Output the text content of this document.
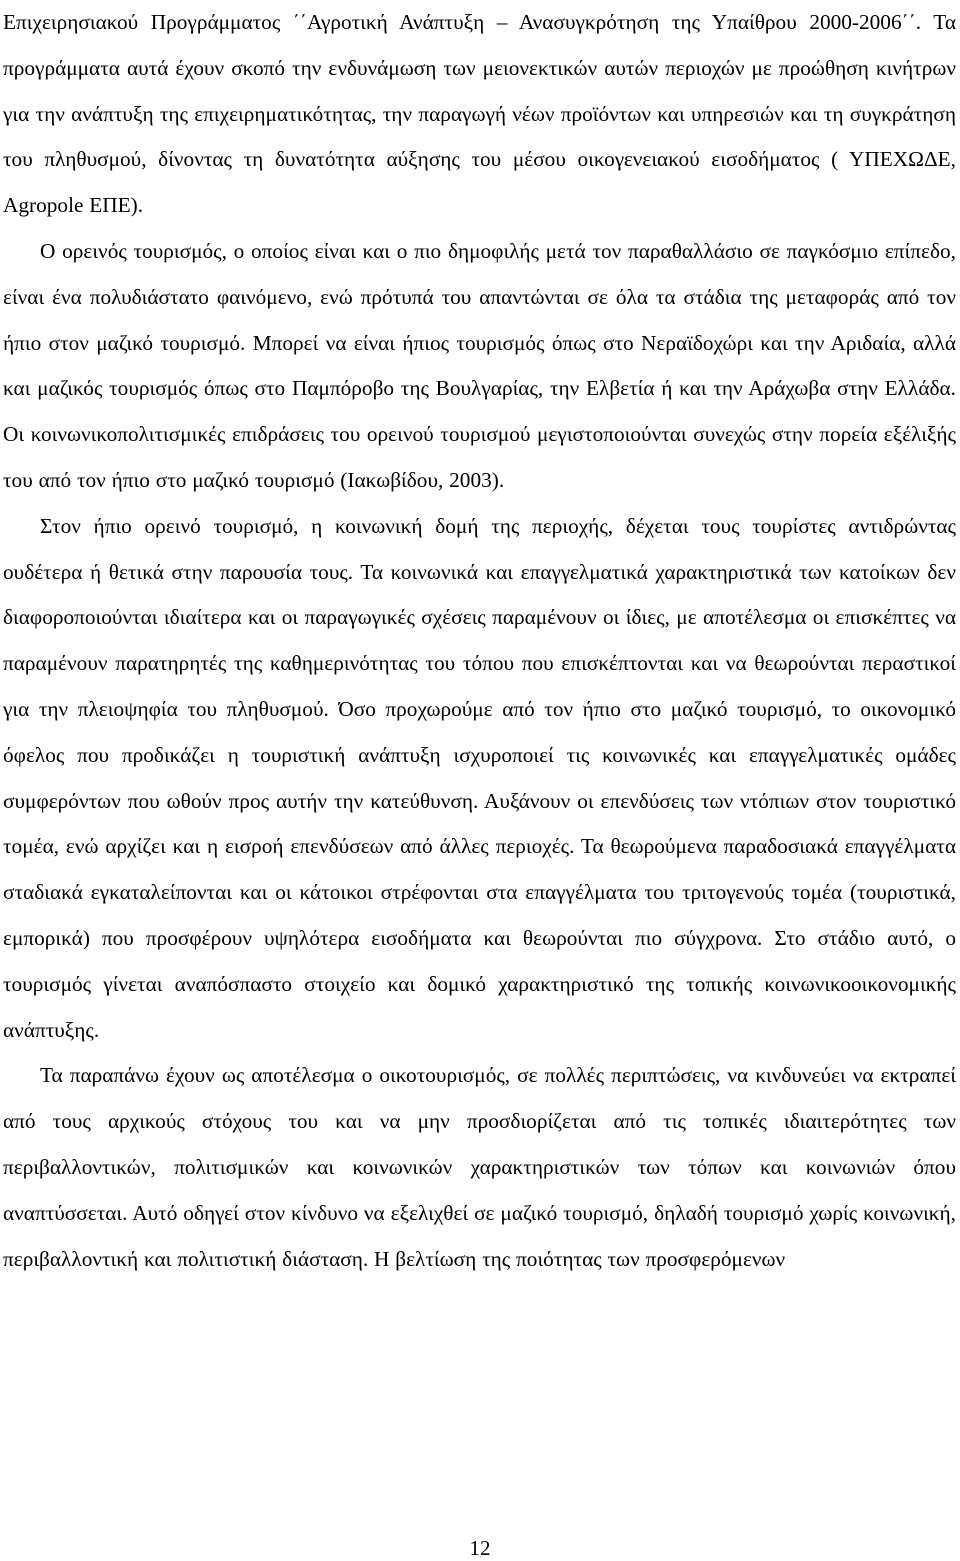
Επιχειρησιακού Προγράμματος ΄΄Αγροτική Ανάπτυξη – Ανασυγκρότηση της Υπαίθρου 2000-2006΄΄. Τα προγράμματα αυτά έχουν σκοπό την ενδυνάμωση των μειονεκτικών αυτών περιοχών με προώθηση κινήτρων για την ανάπτυξη της επιχειρηματικότητας, την παραγωγή νέων προϊόντων και υπηρεσιών και τη συγκράτηση του πληθυσμού, δίνοντας τη δυνατότητα αύξησης του μέσου οικογενειακού εισοδήματος ( ΥΠΕΧΩΔΕ, Agropole ΕΠΕ).

Ο ορεινός τουρισμός, ο οποίος είναι και ο πιο δημοφιλής μετά τον παραθαλλάσιο σε παγκόσμιο επίπεδο, είναι ένα πολυδιάστατο φαινόμενο, ενώ πρότυπά του απαντώνται σε όλα τα στάδια της μεταφοράς από τον ήπιο στον μαζικό τουρισμό. Μπορεί να είναι ήπιος τουρισμός όπως στο Νεραϊδοχώρι και την Αριδαία, αλλά και μαζικός τουρισμός όπως στο Παμπόροβο της Βουλγαρίας, την Ελβετία ή και την Αράχωβα στην Ελλάδα. Οι κοινωνικοπολιτισμικές επιδράσεις του ορεινού τουρισμού μεγιστοποιούνται συνεχώς στην πορεία εξέλιξής του από τον ήπιο στο μαζικό τουρισμό (Ιακωβίδου, 2003).

Στον ήπιο ορεινό τουρισμό, η κοινωνική δομή της περιοχής, δέχεται τους τουρίστες αντιδρώντας ουδέτερα ή θετικά στην παρουσία τους. Τα κοινωνικά και επαγγελματικά χαρακτηριστικά των κατοίκων δεν διαφοροποιούνται ιδιαίτερα και οι παραγωγικές σχέσεις παραμένουν οι ίδιες, με αποτέλεσμα οι επισκέπτες να παραμένουν παρατηρητές της καθημερινότητας του τόπου που επισκέπτονται και να θεωρούνται περαστικοί για την πλειοψηφία του πληθυσμού. Όσο προχωρούμε από τον ήπιο στο μαζικό τουρισμό, το οικονομικό όφελος που προδικάζει η τουριστική ανάπτυξη ισχυροποιεί τις κοινωνικές και επαγγελματικές ομάδες συμφερόντων που ωθούν προς αυτήν την κατεύθυνση. Αυξάνουν οι επενδύσεις των ντόπιων στον τουριστικό τομέα, ενώ αρχίζει και η εισροή επενδύσεων από άλλες περιοχές. Τα θεωρούμενα παραδοσιακά επαγγέλματα σταδιακά εγκαταλείπονται και οι κάτοικοι στρέφονται στα επαγγέλματα του τριτογενούς τομέα (τουριστικά, εμπορικά) που προσφέρουν υψηλότερα εισοδήματα και θεωρούνται πιο σύγχρονα. Στο στάδιο αυτό, ο τουρισμός γίνεται αναπόσπαστο στοιχείο και δομικό χαρακτηριστικό της τοπικής κοινωνικοοικονομικής ανάπτυξης.

Τα παραπάνω έχουν ως αποτέλεσμα ο οικοτουρισμός, σε πολλές περιπτώσεις, να κινδυνεύει να εκτραπεί από τους αρχικούς στόχους του και να μην προσδιορίζεται από τις τοπικές ιδιαιτερότητες των περιβαλλοντικών, πολιτισμικών και κοινωνικών χαρακτηριστικών των τόπων και κοινωνιών όπου αναπτύσσεται. Αυτό οδηγεί στον κίνδυνο να εξελιχθεί σε μαζικό τουρισμό, δηλαδή τουρισμό χωρίς κοινωνική, περιβαλλοντική και πολιτιστική διάσταση. Η βελτίωση της ποιότητας των προσφερόμενων

12
